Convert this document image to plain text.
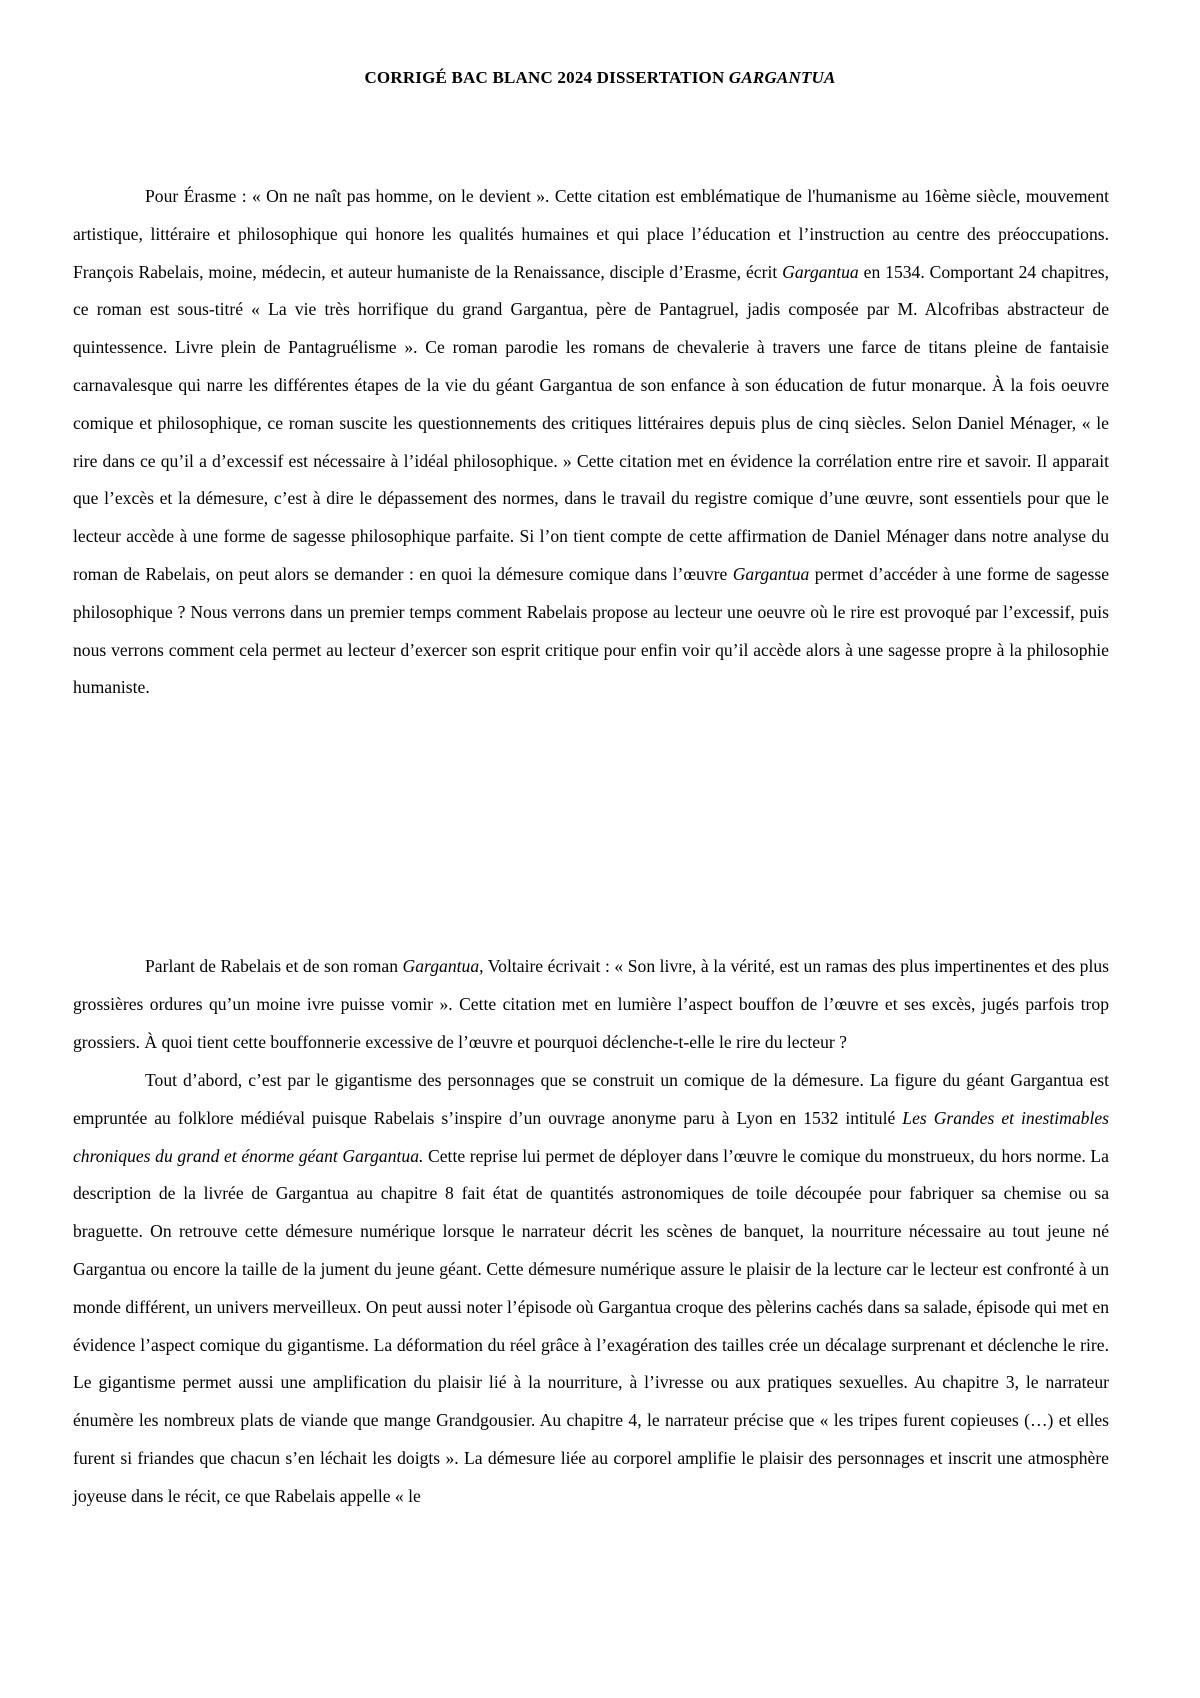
CORRIGÉ BAC BLANC 2024 DISSERTATION GARGANTUA

Pour Érasme : « On ne naît pas homme, on le devient ». Cette citation est emblématique de l'humanisme au 16ème siècle, mouvement artistique, littéraire et philosophique qui honore les qualités humaines et qui place l’éducation et l’instruction au centre des préoccupations. François Rabelais, moine, médecin, et auteur humaniste de la Renaissance, disciple d’Erasme, écrit Gargantua en 1534. Comportant 24 chapitres, ce roman est sous-titré « La vie très horrifique du grand Gargantua, père de Pantagruel, jadis composée par M. Alcofribas abstracteur de quintessence. Livre plein de Pantagruélisme ». Ce roman parodie les romans de chevalerie à travers une farce de titans pleine de fantaisie carnavalesque qui narre les différentes étapes de la vie du géant Gargantua de son enfance à son éducation de futur monarque. À la fois oeuvre comique et philosophique, ce roman suscite les questionnements des critiques littéraires depuis plus de cinq siècles. Selon Daniel Ménager, « le rire dans ce qu’il a d’excessif est nécessaire à l’idéal philosophique. » Cette citation met en évidence la corrélation entre rire et savoir. Il apparait que l’excès et la démesure, c’est à dire le dépassement des normes, dans le travail du registre comique d’une œuvre, sont essentiels pour que le lecteur accède à une forme de sagesse philosophique parfaite. Si l’on tient compte de cette affirmation de Daniel Ménager dans notre analyse du roman de Rabelais, on peut alors se demander : en quoi la démesure comique dans l’œuvre Gargantua permet d’accéder à une forme de sagesse philosophique ? Nous verrons dans un premier temps comment Rabelais propose au lecteur une oeuvre où le rire est provoqué par l’excessif, puis nous verrons comment cela permet au lecteur d’exercer son esprit critique pour enfin voir qu’il accède alors à une sagesse propre à la philosophie humaniste.

Parlant de Rabelais et de son roman Gargantua, Voltaire écrivait : « Son livre, à la vérité, est un ramas des plus impertinentes et des plus grossières ordures qu’un moine ivre puisse vomir ». Cette citation met en lumière l’aspect bouffon de l’œuvre et ses excès, jugés parfois trop grossiers. À quoi tient cette bouffonnerie excessive de l’œuvre et pourquoi déclenche-t-elle le rire du lecteur ?

Tout d’abord, c’est par le gigantisme des personnages que se construit un comique de la démesure. La figure du géant Gargantua est empruntée au folklore médiéval puisque Rabelais s’inspire d’un ouvrage anonyme paru à Lyon en 1532 intitulé Les Grandes et inestimables chroniques du grand et énorme géant Gargantua. Cette reprise lui permet de déployer dans l’œuvre le comique du monstrueux, du hors norme. La description de la livrée de Gargantua au chapitre 8 fait état de quantités astronomiques de toile découpée pour fabriquer sa chemise ou sa braguette. On retrouve cette démesure numérique lorsque le narrateur décrit les scènes de banquet, la nourriture nécessaire au tout jeune né Gargantua ou encore la taille de la jument du jeune géant. Cette démesure numérique assure le plaisir de la lecture car le lecteur est confronté à un monde différent, un univers merveilleux. On peut aussi noter l’épisode où Gargantua croque des pèlerins cachés dans sa salade, épisode qui met en évidence l’aspect comique du gigantisme. La déformation du réel grâce à l’exagération des tailles crée un décalage surprenant et déclenche le rire. Le gigantisme permet aussi une amplification du plaisir lié à la nourriture, à l’ivresse ou aux pratiques sexuelles. Au chapitre 3, le narrateur énumère les nombreux plats de viande que mange Grandgousier. Au chapitre 4, le narrateur précise que « les tripes furent copieuses (…) et elles furent si friandes que chacun s’en léchait les doigts ». La démesure liée au corporel amplifie le plaisir des personnages et inscrit une atmosphère joyeuse dans le récit, ce que Rabelais appelle « le
